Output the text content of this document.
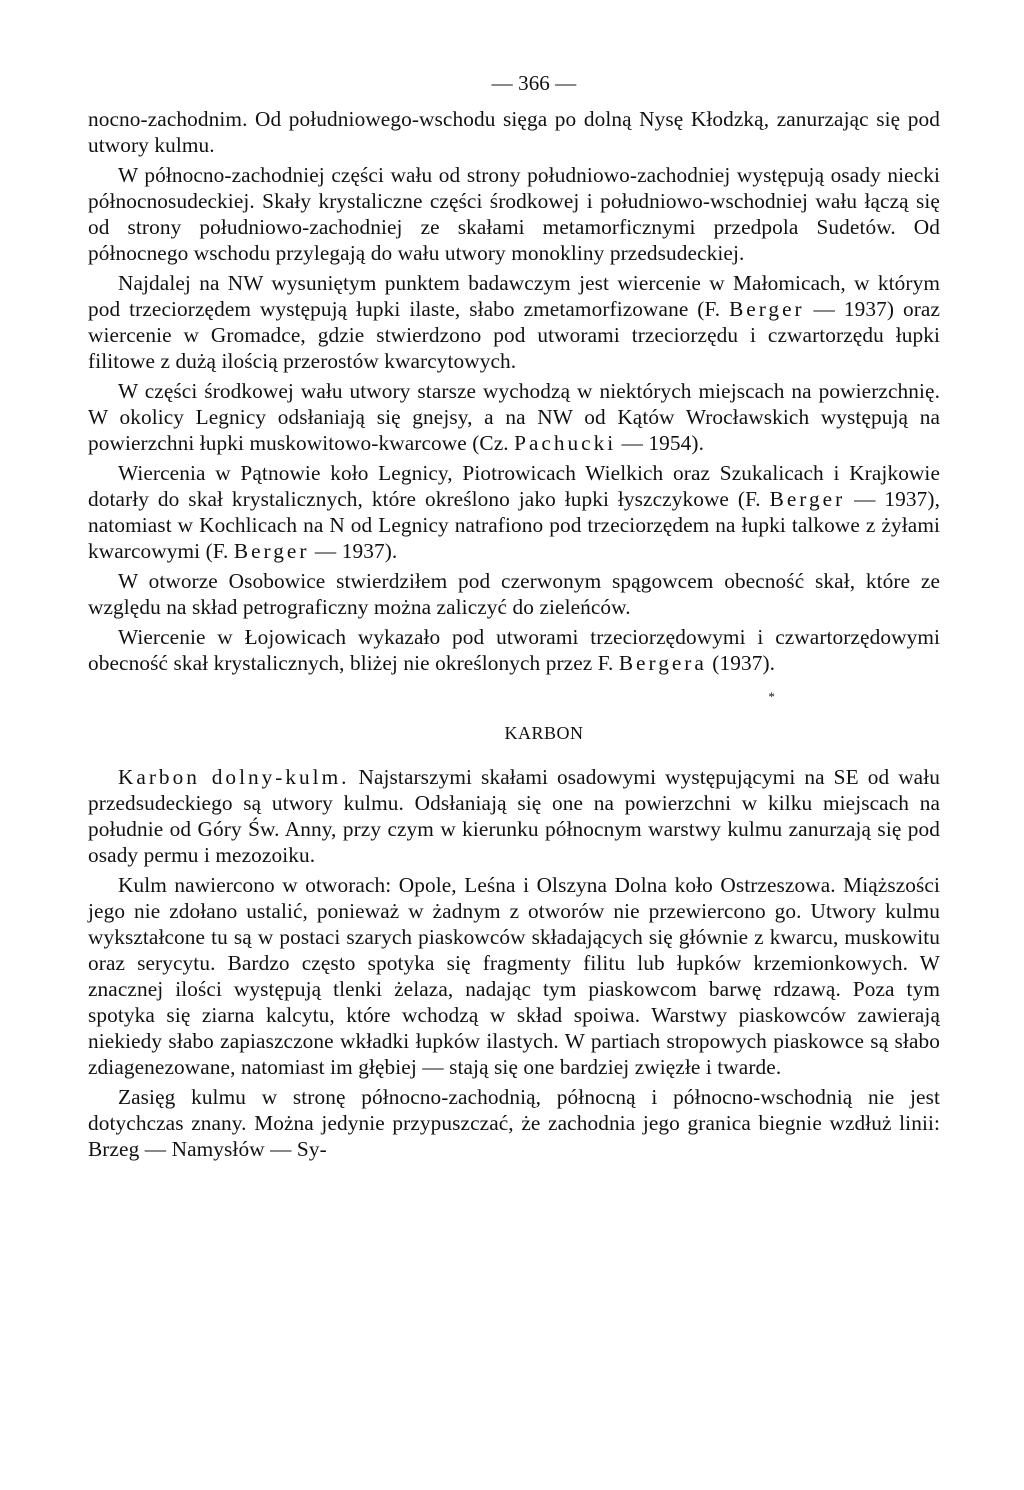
— 366 —

nocno-zachodnim. Od południowego-wschodu sięga po dolną Nysę Kłodzką, zanurzając się pod utwory kulmu.

W północno-zachodniej części wału od strony południowo-zachodniej występują osady niecki północnosudeckiej. Skały krystaliczne części środkowej i południowo-wschodniej wału łączą się od strony południowo-zachodniej ze skałami metamorficznymi przedpola Sudetów. Od północnego wschodu przylegają do wału utwory monokliny przedsudeckiej.

Najdalej na NW wysuniętym punktem badawczym jest wiercenie w Małomicach, w którym pod trzeciorzędem występują łupki ilaste, słabo zmetamorfizowane (F. Berger — 1937) oraz wiercenie w Gromadce, gdzie stwierdzono pod utworami trzeciorzędu i czwartorzędu łupki filitowe z dużą ilością przerostów kwarcytowych.

W części środkowej wału utwory starsze wychodzą w niektórych miejscach na powierzchnię. W okolicy Legnicy odsłaniają się gnejsy, a na NW od Kątów Wrocławskich występują na powierzchni łupki muskowitowo-kwarcowe (Cz. Pachucki — 1954).

Wiercenia w Pątnowie koło Legnicy, Piotrowicach Wielkich oraz Szukalicach i Krajkowie dotarły do skał krystalicznych, które określono jako łupki łyszczykowe (F. Berger — 1937), natomiast w Kochlicach na N od Legnicy natrafiono pod trzeciorzędem na łupki talkowe z żyłami kwarcowymi (F. Berger — 1937).

W otworze Osobowice stwierdziłem pod czerwonym spągowcem obecność skał, które ze względu na skład petrograficzny można zaliczyć do zieleńców.

Wiercenie w Łojowicach wykazało pod utworami trzeciorzędowymi i czwartorzędowymi obecność skał krystalicznych, bliżej nie określonych przez F. Bergera (1937).

*
KARBON

Karbon dolny-kulm. Najstarszymi skałami osadowymi występującymi na SE od wału przedsudeckiego są utwory kulmu. Odsłaniają się one na powierzchni w kilku miejscach na południe od Góry Św. Anny, przy czym w kierunku północnym warstwy kulmu zanurzają się pod osady permu i mezozoiku.

Kulm nawiercono w otworach: Opole, Leśna i Olszyna Dolna koło Ostrzeszowa. Miąższości jego nie zdołano ustalić, ponieważ w żadnym z otworów nie przewiercono go. Utwory kulmu wykształcone tu są w postaci szarych piaskowców składających się głównie z kwarcu, muskowitu oraz serycytu. Bardzo często spotyka się fragmenty filitu lub łupków krzemionkowych. W znacznej ilości występują tlenki żelaza, nadając tym piaskowcom barwę rdzawą. Poza tym spotyka się ziarna kalcytu, które wchodzą w skład spoiwa. Warstwy piaskowców zawierają niekiedy słabo zapiaszczone wkładki łupków ilastych. W partiach stropowych piaskowce są słabo zdiagenezowane, natomiast im głębiej — stają się one bardziej zwięzłe i twarde.

Zasięg kulmu w stronę północno-zachodnią, północną i północno-wschodnią nie jest dotychczas znany. Można jedynie przypuszczać, że zachodnia jego granica biegnie wzdłuż linii: Brzeg — Namysłów — Sy-
